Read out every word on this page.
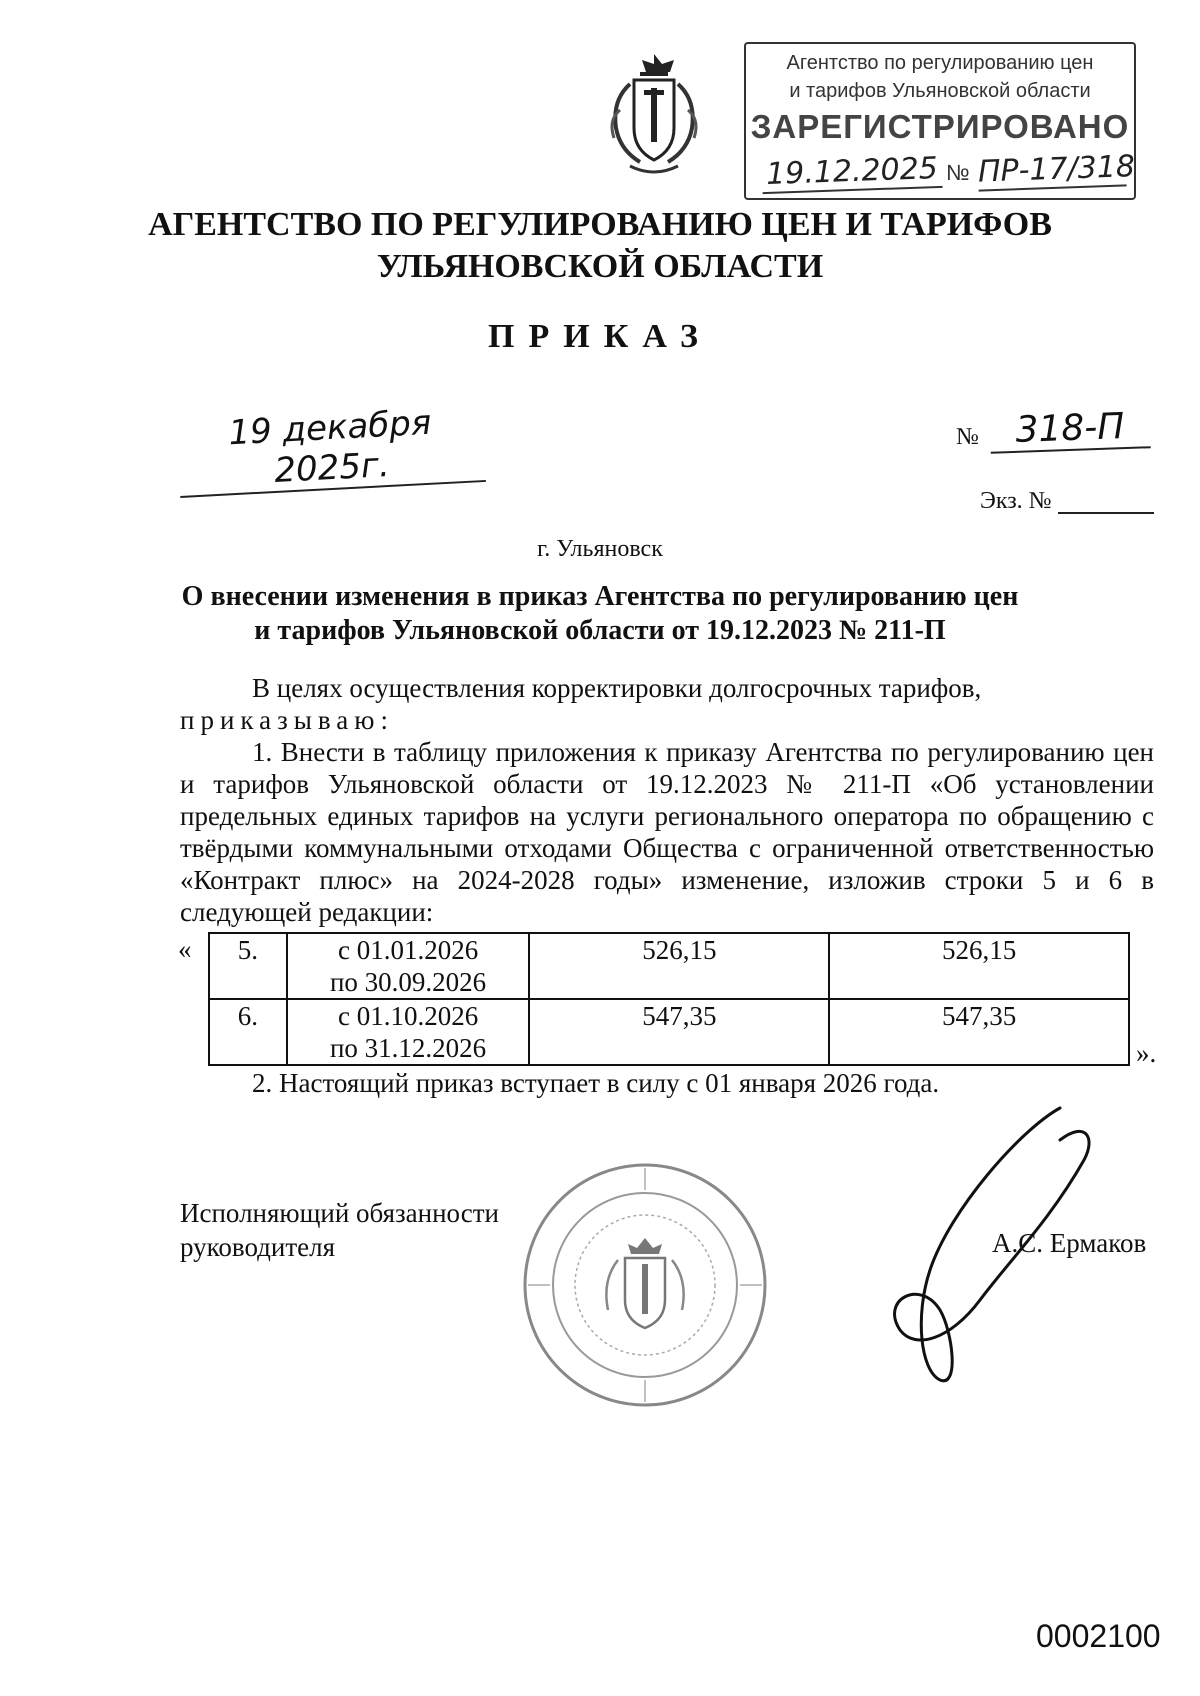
Агентство по регулированию цен
и тарифов Ульяновской области
ЗАРЕГИСТРИРОВАНО
19.12.2025 № ПР-17/318
АГЕНТСТВО ПО РЕГУЛИРОВАНИЮ ЦЕН И ТАРИФОВ
УЛЬЯНОВСКОЙ ОБЛАСТИ
ПРИКАЗ
19 декабря 2025г.
№ 318-П
Экз. №
г. Ульяновск
О внесении изменения в приказ Агентства по регулированию цен
и тарифов Ульяновской области от 19.12.2023 № 211-П

В целях осуществления корректировки долгосрочных тарифов,

приказываю:

1. Внести в таблицу приложения к приказу Агентства по регулированию цен и тарифов Ульяновской области от 19.12.2023 № 211-П «Об установлении предельных единых тарифов на услуги регионального оператора по обращению с твёрдыми коммунальными отходами Общества с ограниченной ответственностью «Контракт плюс» на 2024-2028 годы» изменение, изложив строки 5 и 6 в следующей редакции:

« 5.	с 01.01.2026
по 30.09.2026	526,15	526,15
6.	с 01.10.2026
по 31.12.2026	547,35	547,35
».
2. Настоящий приказ вступает в силу с 01 января 2026 года.
Исполняющий обязанности
руководителя	А.С. Ермаков
0002100
